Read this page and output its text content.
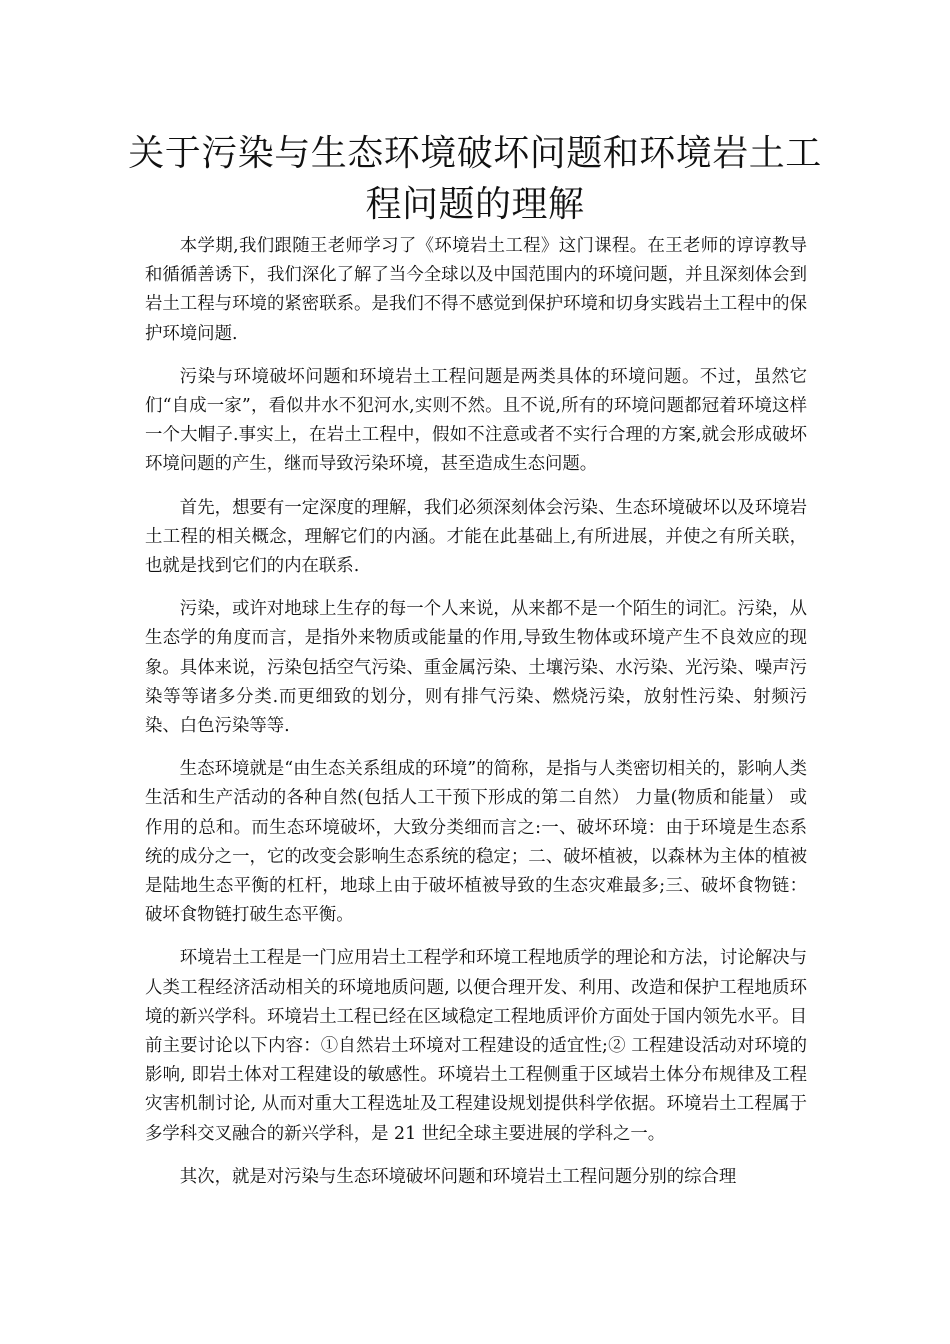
关于污染与生态环境破坏问题和环境岩土工程问题的理解

本学期,我们跟随王老师学习了《环境岩土工程》这门课程。在王老师的谆谆教导和循循善诱下，我们深化了解了当今全球以及中国范围内的环境问题，并且深刻体会到岩土工程与环境的紧密联系。是我们不得不感觉到保护环境和切身实践岩土工程中的保护环境问题.

污染与环境破坏问题和环境岩土工程问题是两类具体的环境问题。不过，虽然它们“自成一家”，看似井水不犯河水,实则不然。且不说,所有的环境问题都冠着环境这样一个大帽子.事实上，在岩土工程中，假如不注意或者不实行合理的方案,就会形成破坏环境问题的产生，继而导致污染环境，甚至造成生态问题。

首先，想要有一定深度的理解，我们必须深刻体会污染、生态环境破坏以及环境岩土工程的相关概念，理解它们的内涵。才能在此基础上,有所进展，并使之有所关联，也就是找到它们的内在联系.

污染，或许对地球上生存的每一个人来说，从来都不是一个陌生的词汇。污染，从生态学的角度而言，是指外来物质或能量的作用,导致生物体或环境产生不良效应的现象。具体来说，污染包括空气污染、重金属污染、土壤污染、水污染、光污染、噪声污染等等诸多分类.而更细致的划分，则有排气污染、燃烧污染，放射性污染、射频污染、白色污染等等.

生态环境就是“由生态关系组成的环境”的简称，是指与人类密切相关的，影响人类生活和生产活动的各种自然(包括人工干预下形成的第二自然） 力量(物质和能量） 或作用的总和。而生态环境破坏，大致分类细而言之:一、破坏环境：由于环境是生态系统的成分之一，它的改变会影响生态系统的稳定；二、破坏植被，以森林为主体的植被是陆地生态平衡的杠杆，地球上由于破坏植被导致的生态灾难最多;三、破坏食物链：破坏食物链打破生态平衡。

环境岩土工程是一门应用岩土工程学和环境工程地质学的理论和方法，讨论解决与人类工程经济活动相关的环境地质问题, 以便合理开发、利用、改造和保护工程地质环境的新兴学科。环境岩土工程已经在区域稳定工程地质评价方面处于国内领先水平。目前主要讨论以下内容：①自然岩土环境对工程建设的适宜性;② 工程建设活动对环境的影响, 即岩土体对工程建设的敏感性。环境岩土工程侧重于区域岩土体分布规律及工程灾害机制讨论, 从而对重大工程选址及工程建设规划提供科学依据。环境岩土工程属于多学科交叉融合的新兴学科，是 21 世纪全球主要进展的学科之一。

其次，就是对污染与生态环境破坏问题和环境岩土工程问题分别的综合理
